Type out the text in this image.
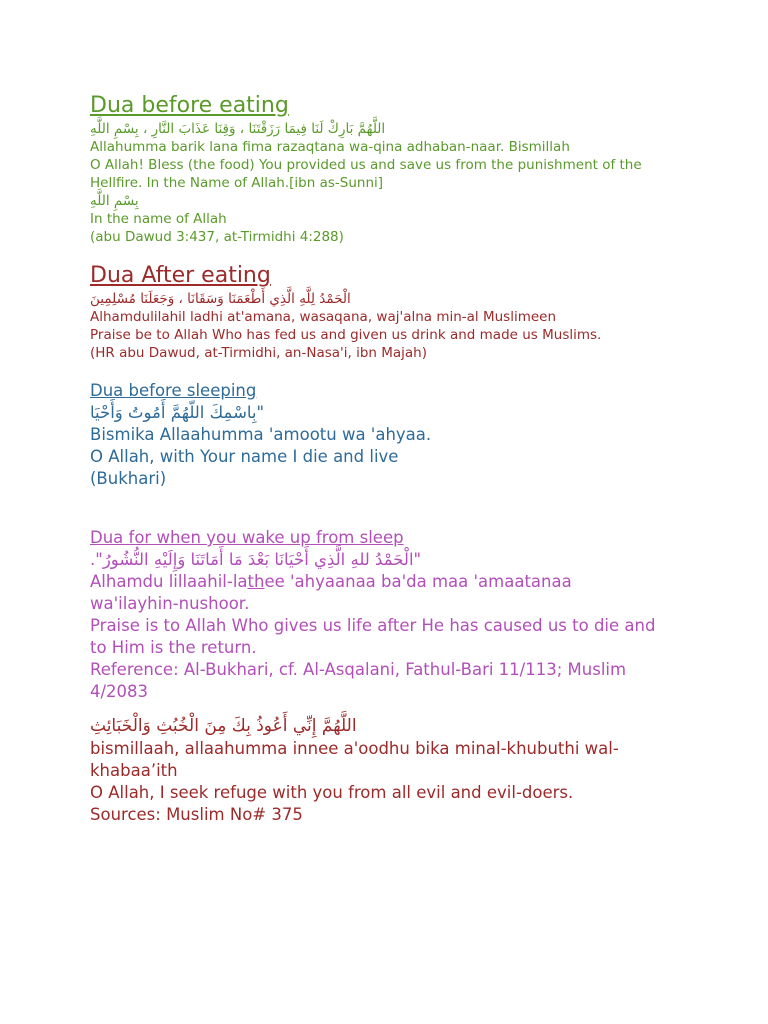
Dua before eating
اللَّهُمَّ بَارِكْ لَنَا فِيمَا رَزَقْتَنَا ، وَقِنَا عَذَابَ النَّارِ ، بِسْمِ اللَّهِ
Allahumma barik lana fima razaqtana wa-qina adhaban-naar. Bismillah
O Allah! Bless (the food) You provided us and save us from the punishment of the
Hellfire. In the Name of Allah.[ibn as-Sunni]
بِسْمِ اللَّهِ
In the name of Allah
(abu Dawud 3:437, at-Tirmidhi 4:288)
Dua After eating
الْحَمْدُ لِلَّهِ الَّذِي أَطْعَمَنَا وَسَقَانَا ، وَجَعَلَنَا مُسْلِمِينَ
Alhamdulilahil ladhi at'amana, wasaqana, waj'alna min-al Muslimeen
Praise be to Allah Who has fed us and given us drink and made us Muslims.
(HR abu Dawud, at-Tirmidhi, an-Nasa'i, ibn Majah)
Dua before sleeping
"بِاسْمِكَ اللّهُمَّ أَمُوتُ وَأَحْيَا
Bismika Allaahumma 'amootu wa 'ahyaa.
O Allah, with Your name I die and live
(Bukhari)
Dua for when you wake up from sleep
"الْحَمْدُ للهِ الَّذِي أَحْيَانَا بَعْدَ مَا أَمَاتَنَا وَإِلَيْهِ النُّشُورُ".
Alhamdu lillaahil-lathee 'ahyaanaa ba'da maa 'amaatanaa
wa'ilayhin-nushoor.
Praise is to Allah Who gives us life after He has caused us to die and
to Him is the return.
Reference: Al-Bukhari, cf. Al-Asqalani, Fathul-Bari 11/113; Muslim
4/2083
اللَّهُمَّ إِنِّي أَعُوذُ بِكَ مِنَ الْخُبُثِ وَالْخَبَائِثِ
bismillaah, allaahumma innee a'oodhu bika minal-khubuthi wal-
khabaa’ith
O Allah, I seek refuge with you from all evil and evil-doers.
Sources: Muslim No# 375
